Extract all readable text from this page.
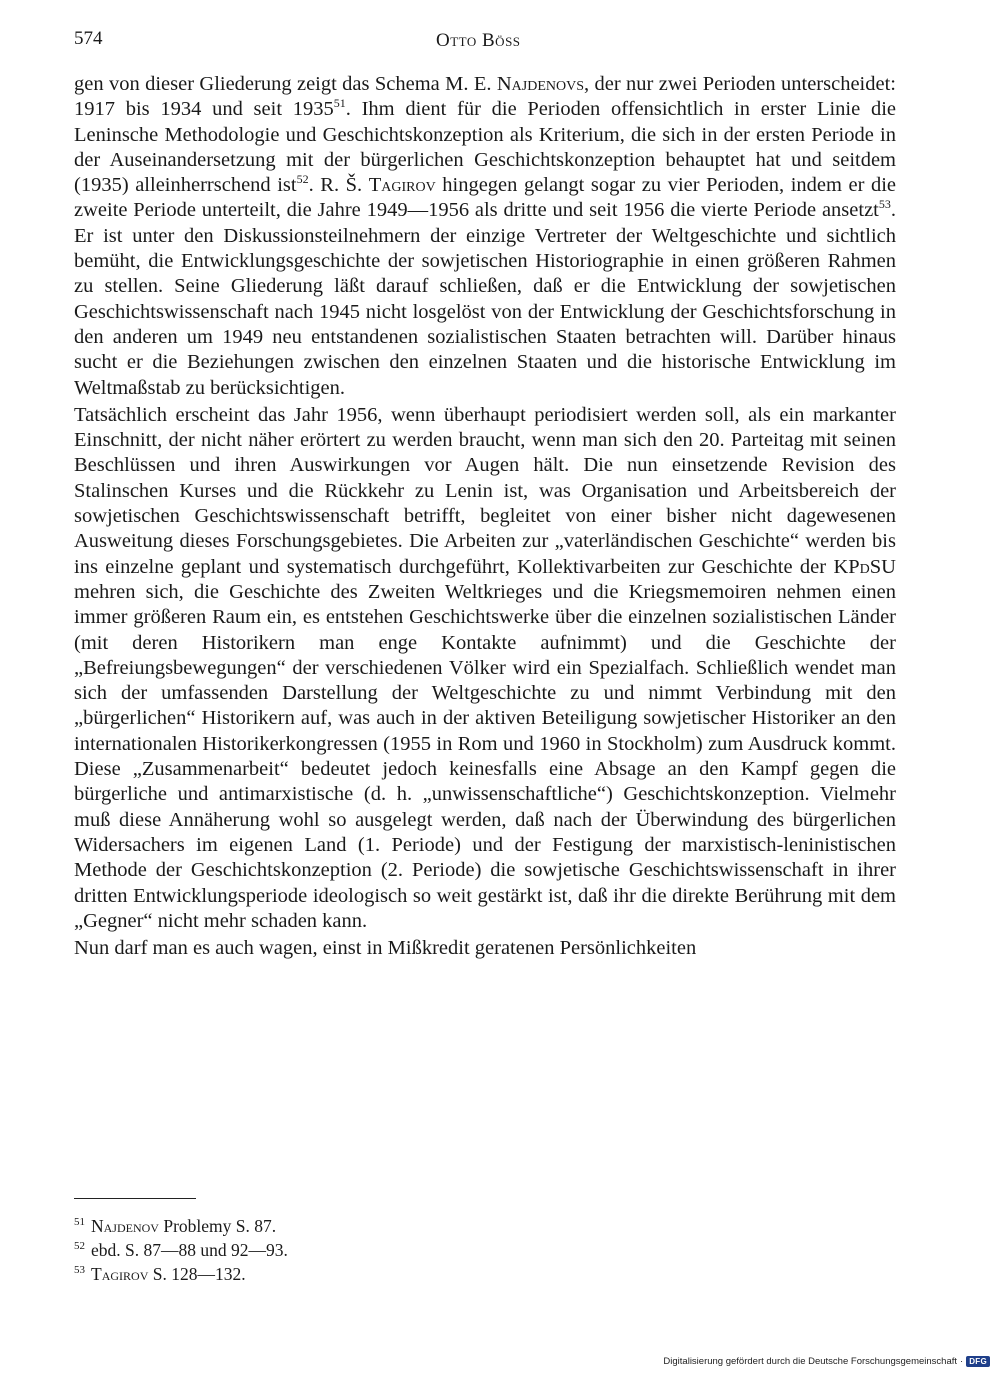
574	Otto Böss

gen von dieser Gliederung zeigt das Schema M. E. Najdenovs, der nur zwei Perioden unterscheidet: 1917 bis 1934 und seit 1935$^{51}$. Ihm dient für die Perioden offensichtlich in erster Linie die Leninsche Methodologie und Geschichtskonzeption als Kriterium, die sich in der ersten Periode in der Auseinandersetzung mit der bürgerlichen Geschichtskonzeption behauptet hat und seitdem (1935) alleinherrschend ist$^{52}$. R. Š. Tagirov hingegen gelangt sogar zu vier Perioden, indem er die zweite Periode unterteilt, die Jahre 1949—1956 als dritte und seit 1956 die vierte Periode ansetzt$^{53}$. Er ist unter den Diskussionsteilnehmern der einzige Vertreter der Weltgeschichte und sichtlich bemüht, die Entwicklungsgeschichte der sowjetischen Historiographie in einen größeren Rahmen zu stellen. Seine Gliederung läßt darauf schließen, daß er die Entwicklung der sowjetischen Geschichtswissenschaft nach 1945 nicht losgelöst von der Entwicklung der Geschichtsforschung in den anderen um 1949 neu entstandenen sozialistischen Staaten betrachten will. Darüber hinaus sucht er die Beziehungen zwischen den einzelnen Staaten und die historische Entwicklung im Weltmaßstab zu berücksichtigen.

Tatsächlich erscheint das Jahr 1956, wenn überhaupt periodisiert werden soll, als ein markanter Einschnitt, der nicht näher erörtert zu werden braucht, wenn man sich den 20. Parteitag mit seinen Beschlüssen und ihren Auswirkungen vor Augen hält. Die nun einsetzende Revision des Stalinschen Kurses und die Rückkehr zu Lenin ist, was Organisation und Arbeitsbereich der sowjetischen Geschichtswissenschaft betrifft, begleitet von einer bisher nicht dagewesenen Ausweitung dieses Forschungsgebietes. Die Arbeiten zur „vaterländischen Geschichte“ werden bis ins einzelne geplant und systematisch durchgeführt, Kollektivarbeiten zur Geschichte der KPdSU mehren sich, die Geschichte des Zweiten Weltkrieges und die Kriegsmemoiren nehmen einen immer größeren Raum ein, es entstehen Geschichtswerke über die einzelnen sozialistischen Länder (mit deren Historikern man enge Kontakte aufnimmt) und die Geschichte der „Befreiungsbewegungen“ der verschiedenen Völker wird ein Spezialfach. Schließlich wendet man sich der umfassenden Darstellung der Weltgeschichte zu und nimmt Verbindung mit den „bürgerlichen“ Historikern auf, was auch in der aktiven Beteiligung sowjetischer Historiker an den internationalen Historikerkongressen (1955 in Rom und 1960 in Stockholm) zum Ausdruck kommt. Diese „Zusammenarbeit“ bedeutet jedoch keinesfalls eine Absage an den Kampf gegen die bürgerliche und antimarxistische (d. h. „unwissenschaftliche“) Geschichtskonzeption. Vielmehr muß diese Annäherung wohl so ausgelegt werden, daß nach der Überwindung des bürgerlichen Widersachers im eigenen Land (1. Periode) und der Festigung der marxistisch-leninistischen Methode der Geschichtskonzeption (2. Periode) die sowjetische Geschichtswissenschaft in ihrer dritten Entwicklungsperiode ideologisch so weit gestärkt ist, daß ihr die direkte Berührung mit dem „Gegner“ nicht mehr schaden kann.

Nun darf man es auch wagen, einst in Mißkredit geratenen Persönlichkeiten

$^{51}$ Najdenov Problemy S. 87.
$^{52}$ ebd. S. 87—88 und 92—93.
$^{53}$ Tagirov S. 128—132.
Digitalisierung gefördert durch die Deutsche Forschungsgemeinschaft · DFG
